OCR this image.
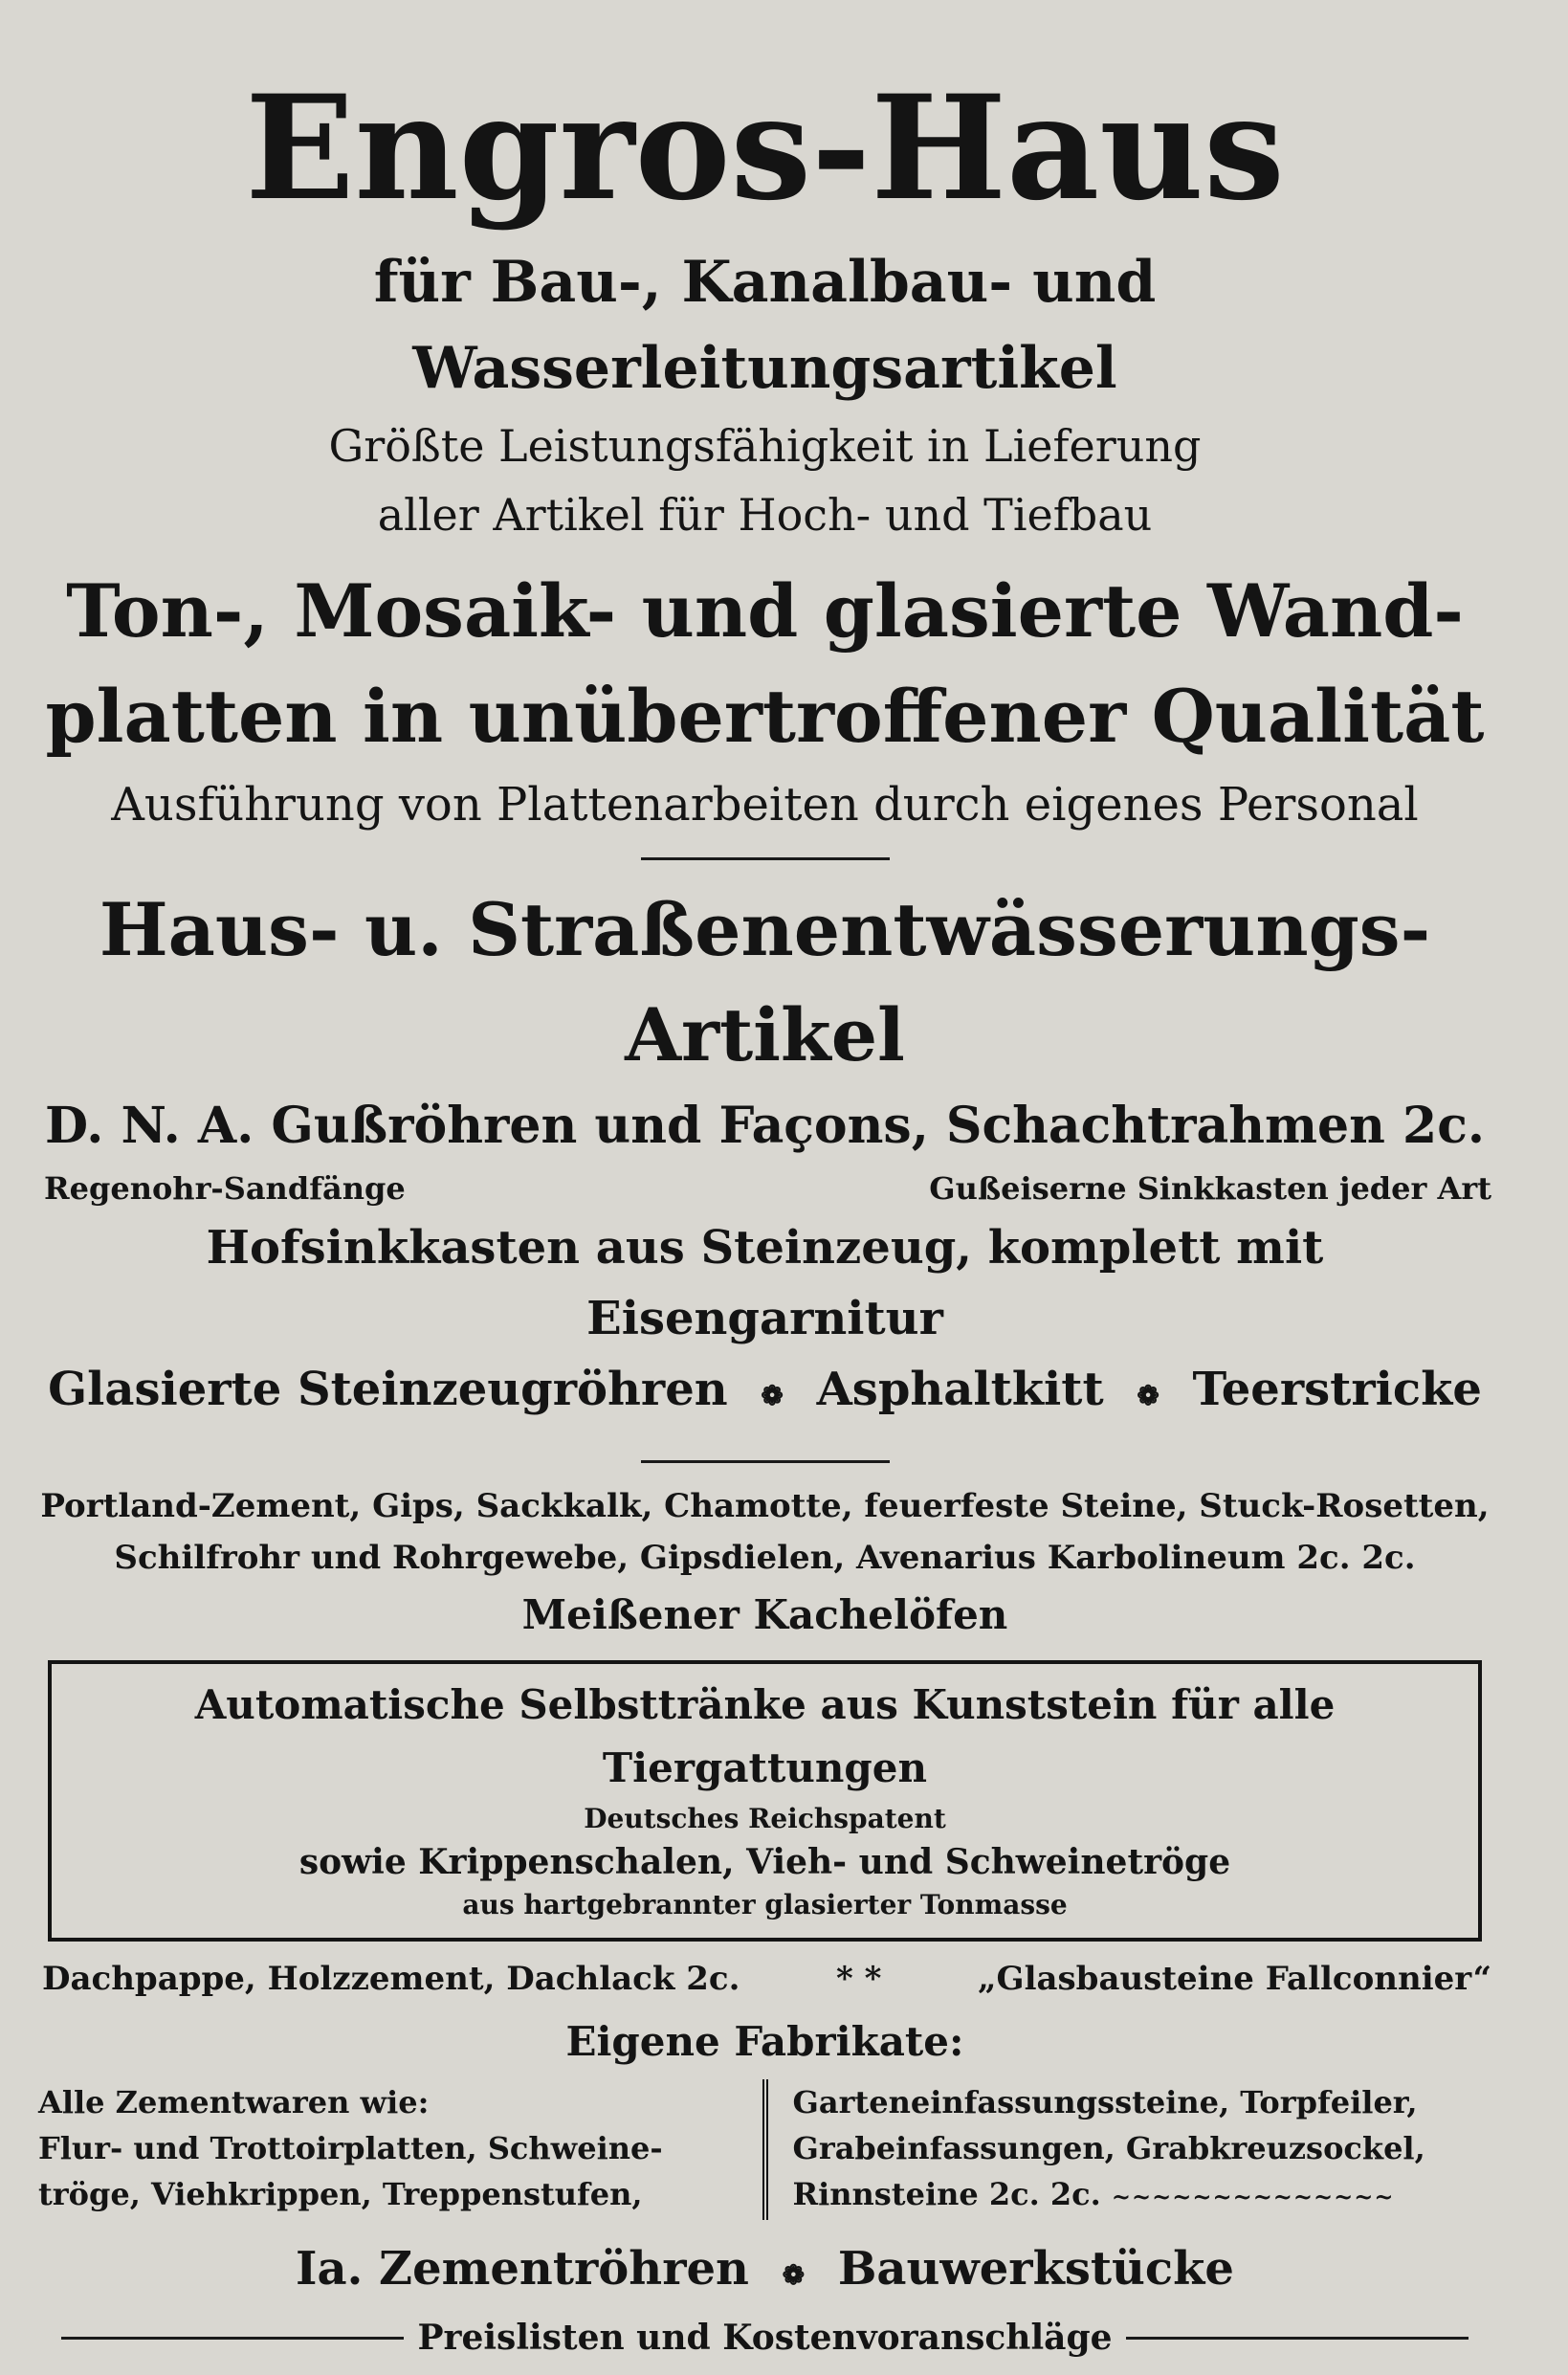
Engros-Haus
für Bau-, Kanalbau- und Wasserleitungsartikel
Größte Leistungsfähigkeit in Lieferung
aller Artikel für Hoch- und Tiefbau
Ton-, Mosaik- und glasierte Wand-
platten in unübertroffener Qualität
Ausführung von Plattenarbeiten durch eigenes Personal
Haus- u. Straßenentwässerungs-Artikel
D. N. A. Gußröhren und Façons, Schachtrahmen 2c.
Regenohr-Sandfänge	Gußeiserne Sinkkasten jeder Art
Hofsinkkasten aus Steinzeug, komplett mit Eisengarnitur
Glasierte Steinzeugröhren ❁ Asphaltkitt ❁ Teerstricke
Portland-Zement, Gips, Sackkalk, Chamotte, feuerfeste Steine, Stuck-Rosetten,
Schilfrohr und Rohrgewebe, Gipsdielen, Avenarius Karbolineum 2c. 2c.
Meißener Kachelöfen
Automatische Selbsttränke aus Kunststein für alle Tiergattungen
Deutsches Reichspatent
sowie Krippenschalen, Vieh- und Schweinetröge
aus hartgebrannter glasierter Tonmasse
Dachpappe, Holzzement, Dachlack 2c.	* *	„Glasbausteine Fallconnier“
Eigene Fabrikate:
Alle Zementwaren wie:
Flur- und Trottoirplatten, Schweine-
tröge, Viehkrippen, Treppenstufen,
Garteneinfassungssteine, Torpfeiler,
Grabeinfassungen, Grabkreuzsockel,
Rinnsteine 2c. 2c. ~~~~~~~~~~~~~~
Ia. Zementröhren ❁ Bauwerkstücke
Preislisten und Kostenvoranschläge
